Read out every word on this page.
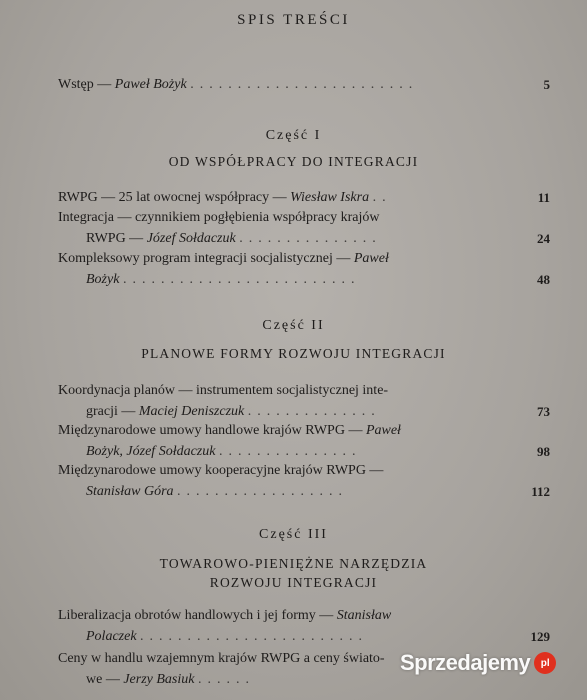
SPIS TREŚCI
Wstęp — Paweł Bożyk ........................	5
Część I
OD WSPÓŁPRACY DO INTEGRACJI
RWPG — 25 lat owocnej współpracy — Wiesław Iskra ..	11
Integracja — czynnikiem pogłębienia współpracy krajów
RWPG — Józef Sołdaczuk ...............	24
Kompleksowy program integracji socjalistycznej — Paweł
Bożyk .........................	48
Część II
PLANOWE FORMY ROZWOJU INTEGRACJI
Koordynacja planów — instrumentem socjalistycznej inte-
gracji — Maciej Deniszczuk ..............	73
Międzynarodowe umowy handlowe krajów RWPG — Paweł
Bożyk, Józef Sołdaczuk ...............	98
Międzynarodowe umowy kooperacyjne krajów RWPG —
Stanisław Góra ..................	112
Część III
TOWAROWO-PIENIĘŻNE NARZĘDZIA
ROZWOJU INTEGRACJI
Liberalizacja obrotów handlowych i jej formy — Stanisław
Polaczek ........................	129
Ceny w handlu wzajemnym krajów RWPG a ceny świato-
we — Jerzy Basiuk ......
Sprzedajemy pl
